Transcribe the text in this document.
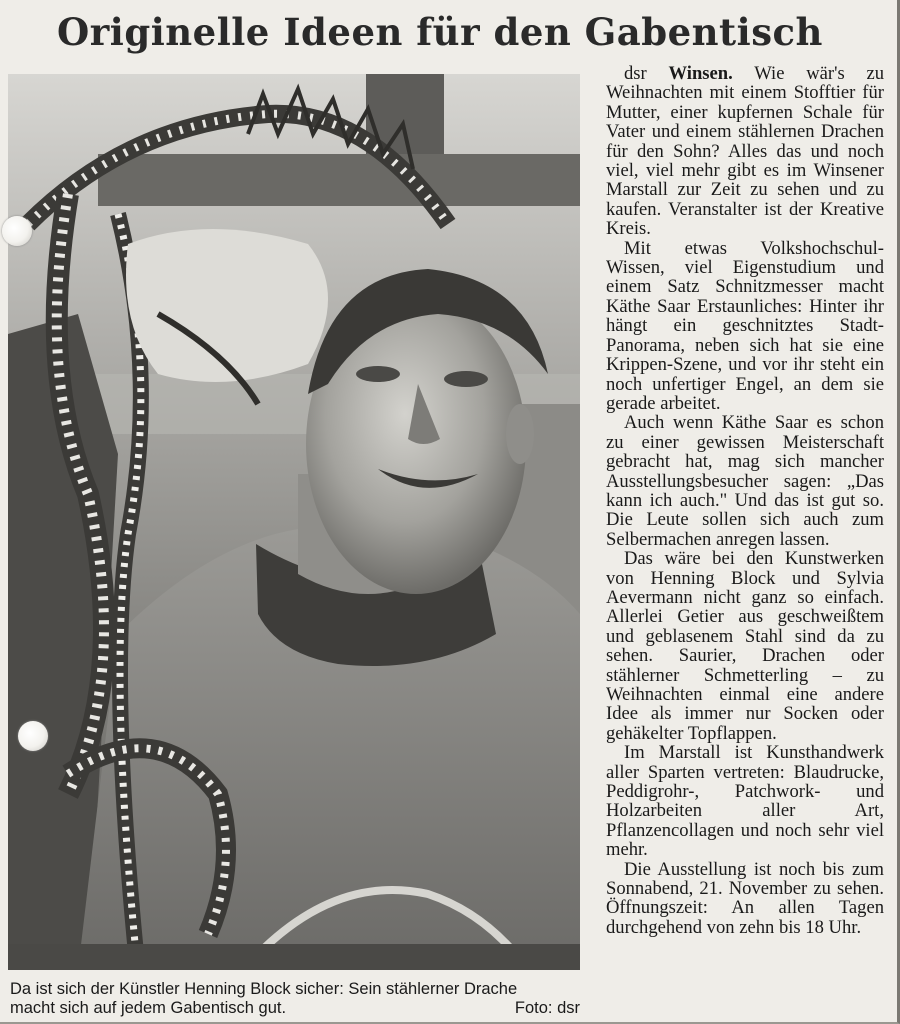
Originelle Ideen für den Gabentisch
Da ist sich der Künstler Henning Block sicher: Sein stählerner Drache
macht sich auf jedem Gabentisch gut.	Foto: dsr

dsr Winsen. Wie wär's zu Weihnachten mit einem Stofftier für Mutter, einer kupfernen Schale für Vater und einem stählernen Drachen für den Sohn? Alles das und noch viel, viel mehr gibt es im Winsener Marstall zur Zeit zu sehen und zu kaufen. Veranstalter ist der Kreative Kreis.

Mit etwas Volkshochschul-Wissen, viel Eigenstudium und einem Satz Schnitzmesser macht Käthe Saar Erstaunliches: Hinter ihr hängt ein geschnitztes Stadt-Panorama, neben sich hat sie eine Krippen-Szene, und vor ihr steht ein noch unfertiger Engel, an dem sie gerade arbeitet.

Auch wenn Käthe Saar es schon zu einer gewissen Meisterschaft gebracht hat, mag sich mancher Ausstellungsbesucher sagen: „Das kann ich auch." Und das ist gut so. Die Leute sollen sich auch zum Selbermachen anregen lassen.

Das wäre bei den Kunstwerken von Henning Block und Sylvia Aevermann nicht ganz so einfach. Allerlei Getier aus geschweißtem und geblasenem Stahl sind da zu sehen. Saurier, Drachen oder stählerner Schmetterling – zu Weihnachten einmal eine andere Idee als immer nur Socken oder gehäkelter Topflappen.

Im Marstall ist Kunsthandwerk aller Sparten vertreten: Blaudrucke, Peddigrohr-, Patchwork- und Holzarbeiten aller Art, Pflanzencollagen und noch sehr viel mehr.

Die Ausstellung ist noch bis zum Sonnabend, 21. November zu sehen. Öffnungszeit: An allen Tagen durchgehend von zehn bis 18 Uhr.
